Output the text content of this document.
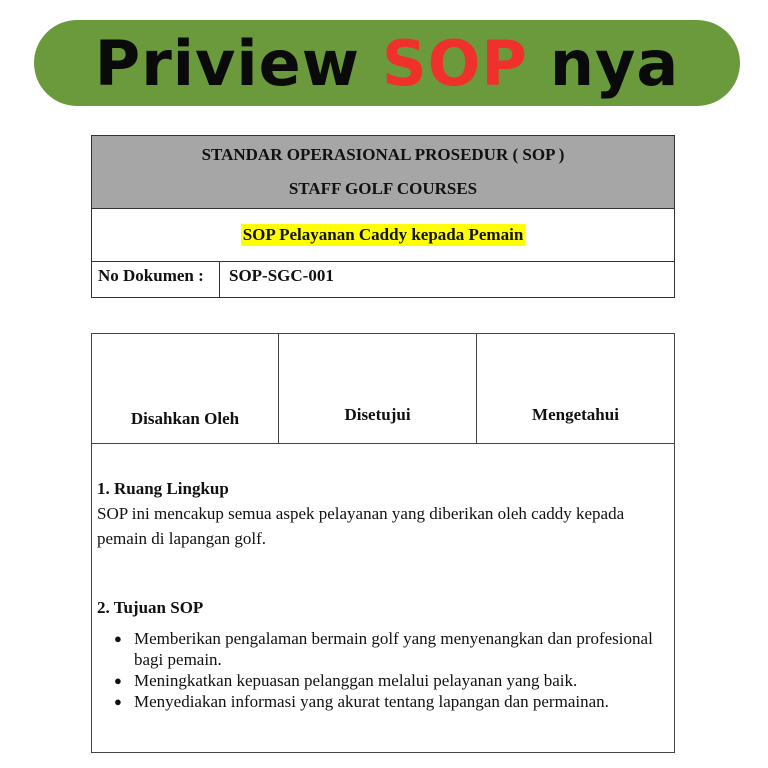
Priview SOP nya
STANDAR OPERASIONAL PROSEDUR ( SOP )
STAFF GOLF COURSES
SOP Pelayanan Caddy kepada Pemain
No Dokumen :	SOP-SGC-001
Disahkan Oleh	Disetujui	Mengetahui
1. Ruang Lingkup
SOP ini mencakup semua aspek pelayanan yang diberikan oleh caddy kepada pemain di lapangan golf.
2. Tujuan SOP
● Memberikan pengalaman bermain golf yang menyenangkan dan profesional bagi pemain.
● Meningkatkan kepuasan pelanggan melalui pelayanan yang baik.
● Menyediakan informasi yang akurat tentang lapangan dan permainan.
